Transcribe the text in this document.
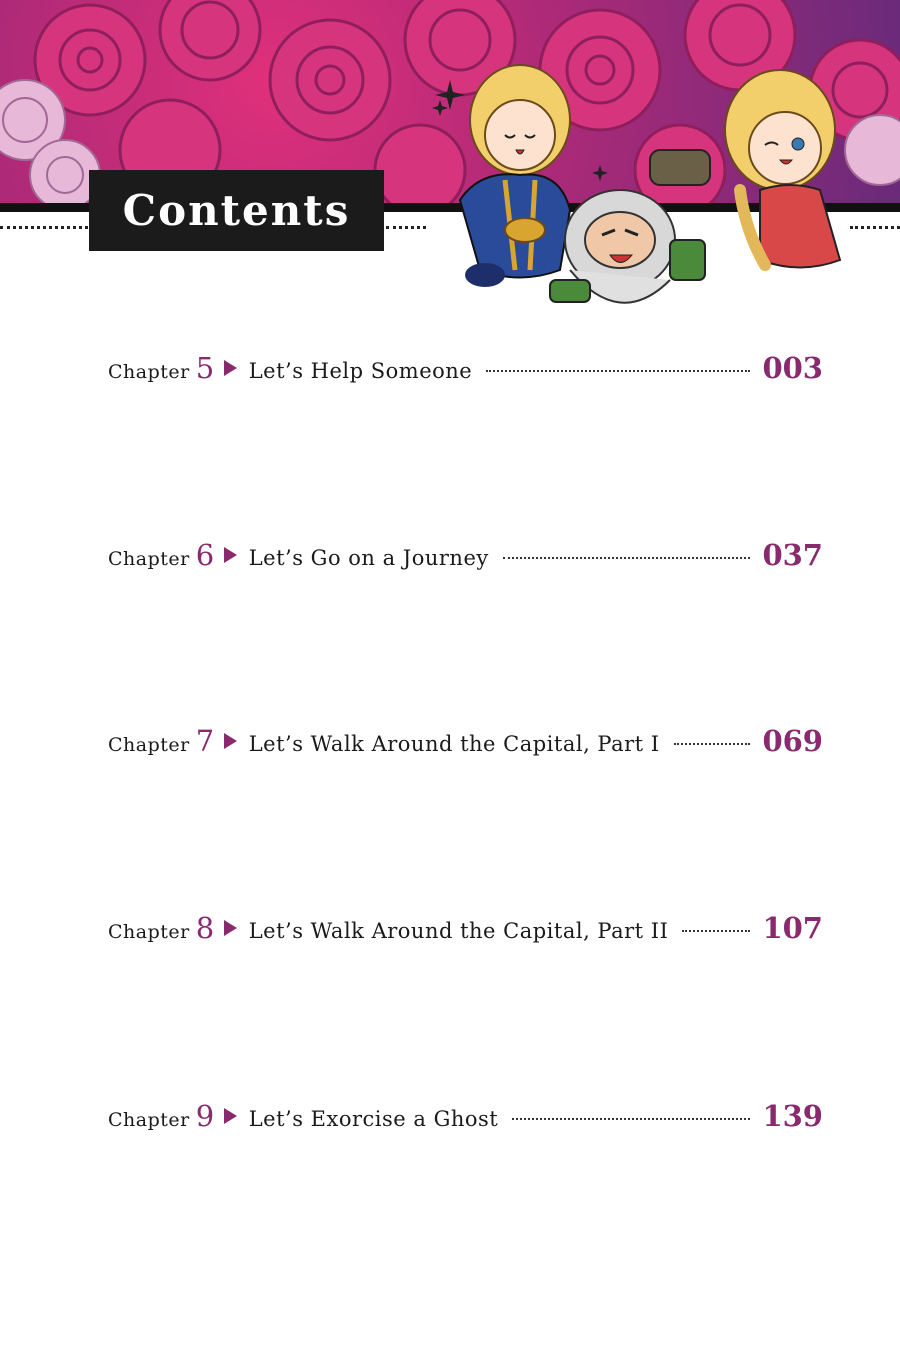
Contents
Chapter 5 Let’s Help Someone	003
Chapter 6 Let’s Go on a Journey	037
Chapter 7 Let’s Walk Around the Capital, Part I	069
Chapter 8 Let’s Walk Around the Capital, Part II	107
Chapter 9 Let’s Exorcise a Ghost	139
